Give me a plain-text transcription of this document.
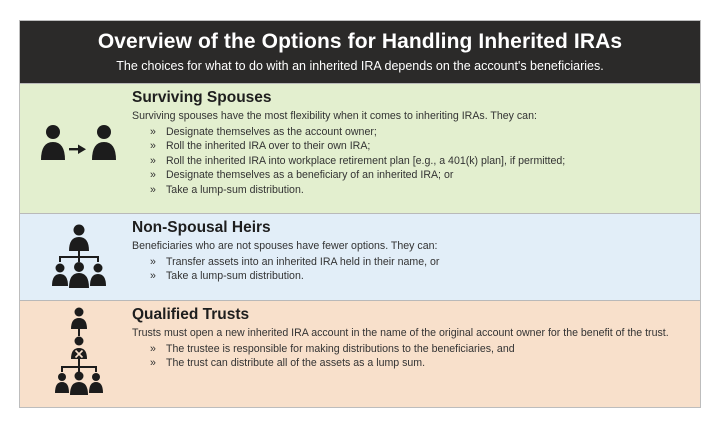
Overview of the Options for Handling Inherited IRAs
The choices for what to do with an inherited IRA depends on the account's beneficiaries.
Surviving Spouses
Surviving spouses have the most flexibility when it comes to inheriting IRAs. They can:
» Designate themselves as the account owner;
» Roll the inherited IRA over to their own IRA;
» Roll the inherited IRA into workplace retirement plan [e.g., a 401(k) plan], if permitted;
» Designate themselves as a beneficiary of an inherited IRA; or
» Take a lump-sum distribution.
Non-Spousal Heirs
Beneficiaries who are not spouses have fewer options. They can:
» Transfer assets into an inherited IRA held in their name, or
» Take a lump-sum distribution.
Qualified Trusts
Trusts must open a new inherited IRA account in the name of the original account owner for the benefit of the trust.
» The trustee is responsible for making distributions to the beneficiaries, and
» The trust can distribute all of the assets as a lump sum.
